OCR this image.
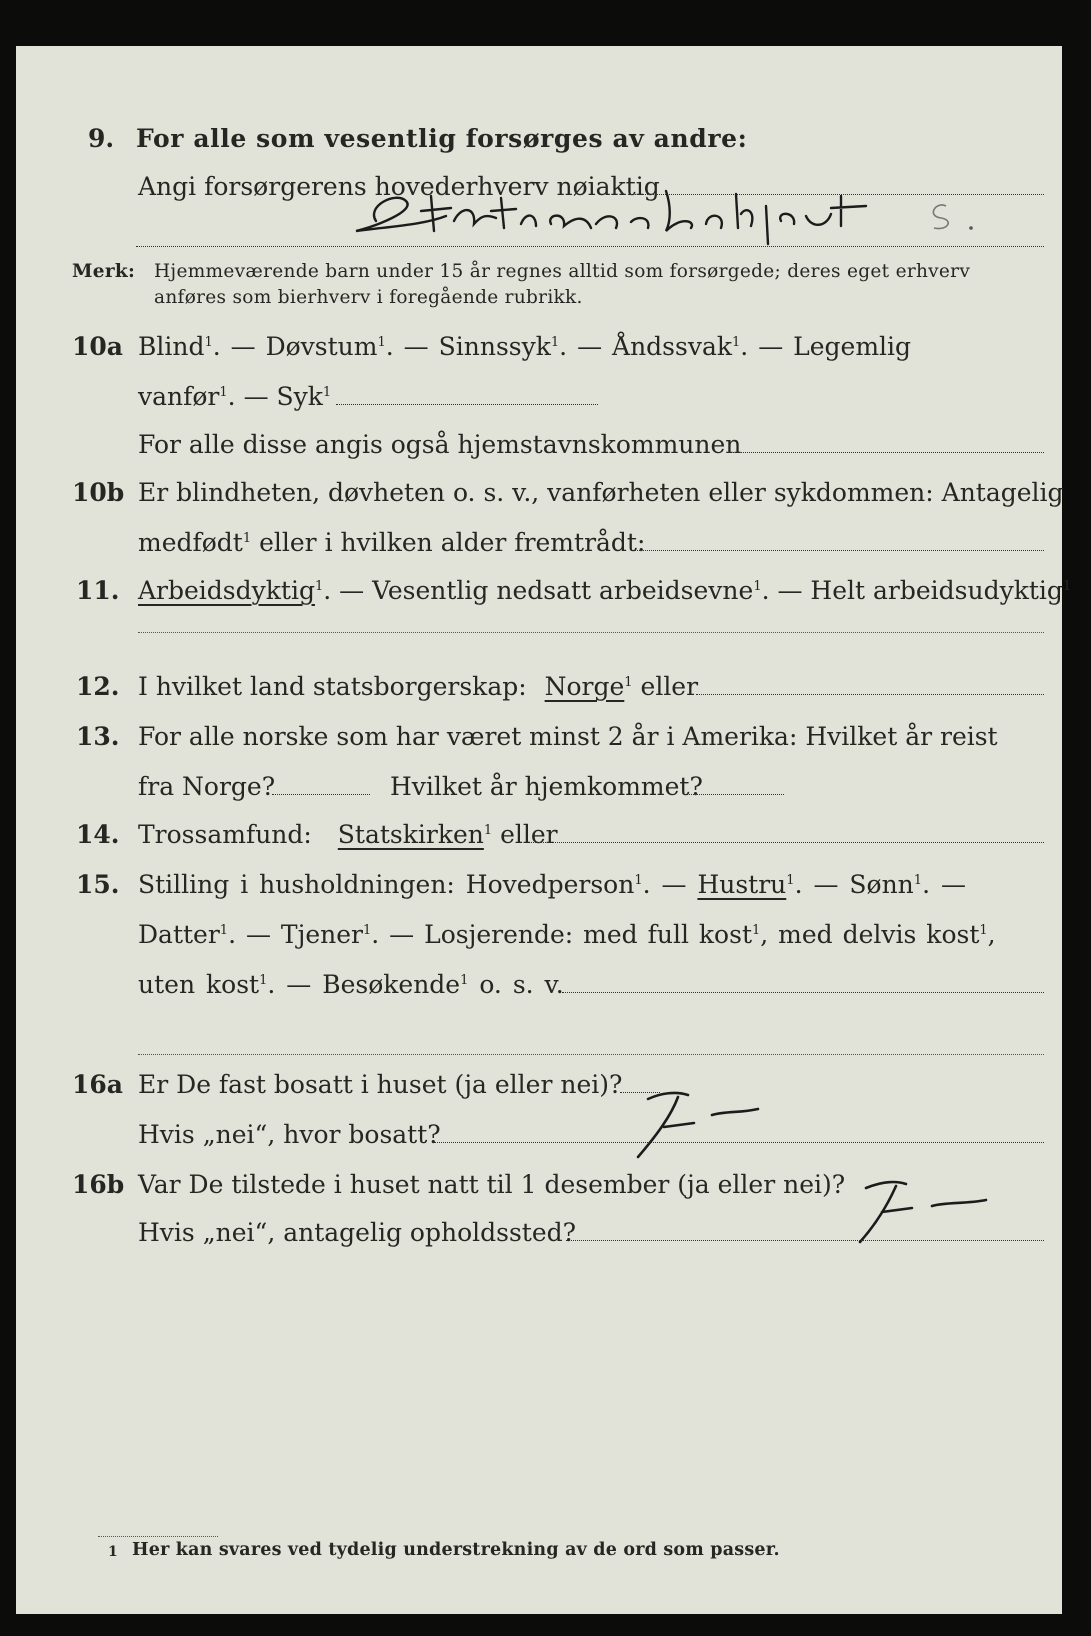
9. For alle som vesentlig forsørges av andre:
Angi forsørgerens hovederhverv nøiaktig
Merk: Hjemmeværende barn under 15 år regnes alltid som forsørgede; deres eget erhverv
anføres som bierhverv i foregående rubrikk.
10a Blind$^1$. — Døvstum$^1$. — Sinnssyk$^1$. — Åndssvak$^1$. — Legemlig
vanfør$^1$. — Syk$^1$
For alle disse angis også hjemstavnskommunen
10b Er blindheten, døvheten o. s. v., vanførheten eller sykdommen: Antagelig
medfødt$^1$ eller i hvilken alder fremtrådt:
11. Arbeidsdyktig$^1$. — Vesentlig nedsatt arbeidsevne$^1$. — Helt arbeidsudyktig$^1$
12. I hvilket land statsborgerskap: Norge$^1$ eller
13. For alle norske som har været minst 2 år i Amerika: Hvilket år reist
fra Norge?	Hvilket år hjemkommet?
14. Trossamfund: Statskirken$^1$ eller
15. Stilling i husholdningen: Hovedperson$^1$. — Hustru$^1$. — Sønn$^1$. —
Datter$^1$. — Tjener$^1$. — Losjerende: med full kost$^1$, med delvis kost$^1$,
uten kost$^1$. — Besøkende$^1$ o. s. v.
16a Er De fast bosatt i huset (ja eller nei)?
Hvis „nei“, hvor bosatt?
16b Var De tilstede i huset natt til 1 desember (ja eller nei)?
Hvis „nei“, antagelig opholdssted?
1 Her kan svares ved tydelig understrekning av de ord som passer.
